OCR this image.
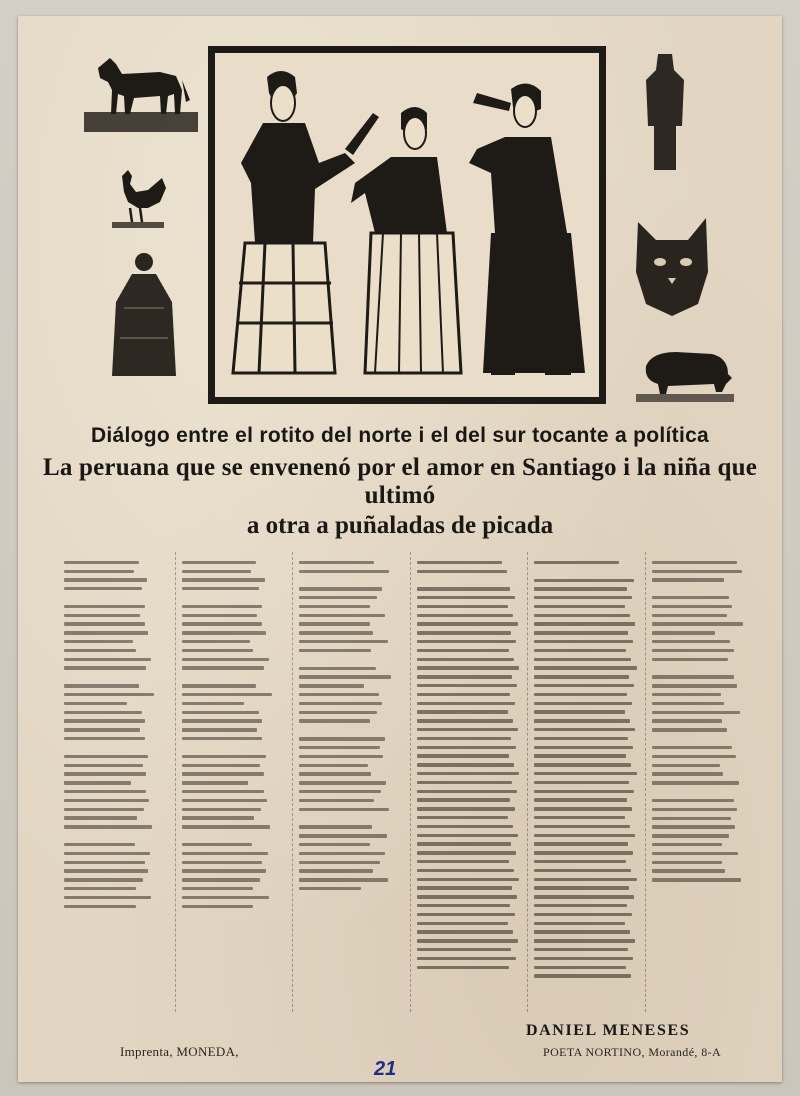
Diálogo entre el rotito del norte i el del sur tocante a política
La peruana que se envenenó por el amor en Santiago i la niña que ultimó
a otra a puñaladas de picada
Imprenta, MONEDA,
DANIEL MENESES
POETA NORTINO, Morandé, 8-A
21
